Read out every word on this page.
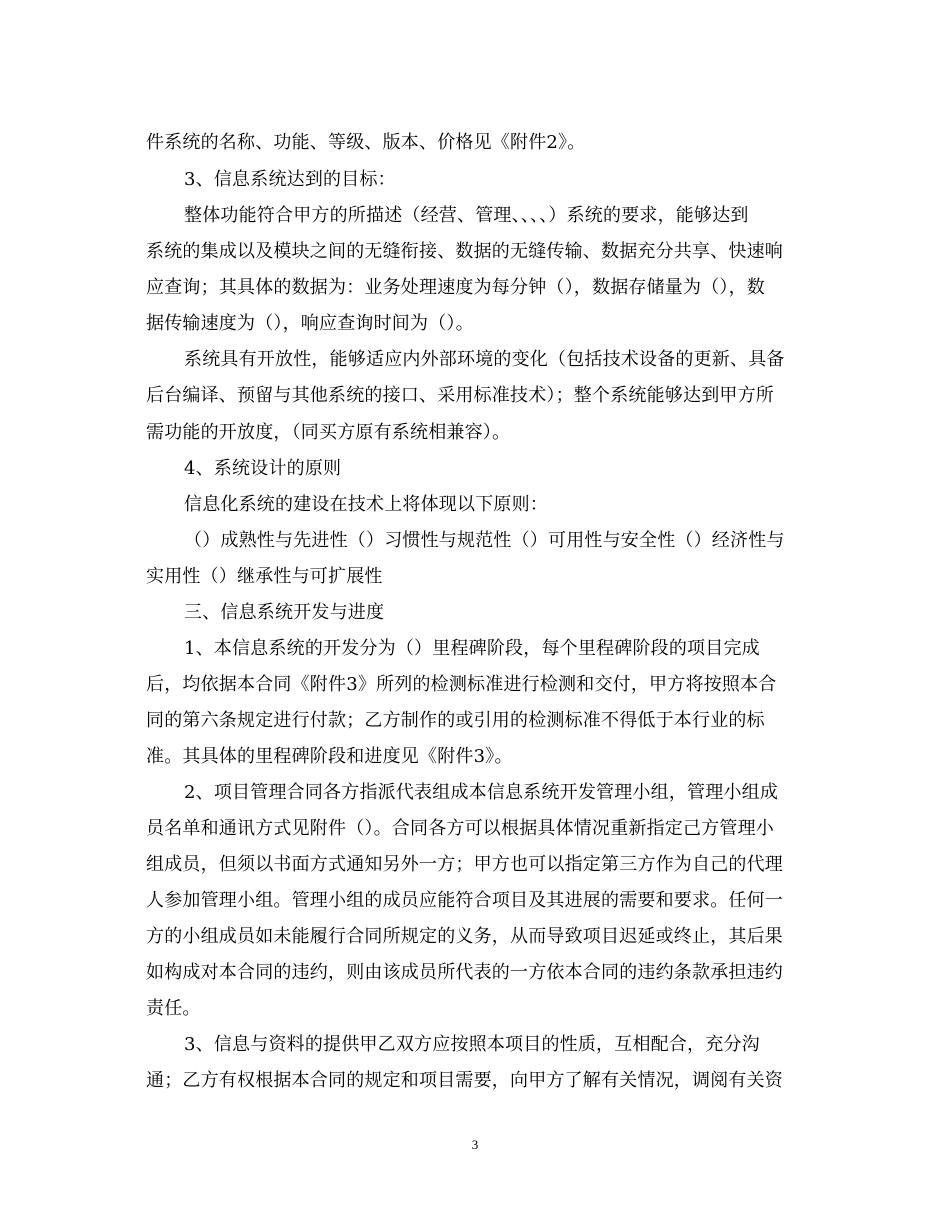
件系统的名称、功能、等级、版本、价格见《附件2》。
3、信息系统达到的目标：
整体功能符合甲方的所描述（经营、管理、、、、）系统的要求，能够达到
系统的集成以及模块之间的无缝衔接、数据的无缝传输、数据充分共享、快速响
应查询；其具体的数据为：业务处理速度为每分钟（），数据存储量为（），数
据传输速度为（），响应查询时间为（）。
系统具有开放性，能够适应内外部环境的变化（包括技术设备的更新、具备
后台编译、预留与其他系统的接口、采用标准技术）；整个系统能够达到甲方所
需功能的开放度，（同买方原有系统相兼容）。
4、系统设计的原则
信息化系统的建设在技术上将体现以下原则：
（）成熟性与先进性（）习惯性与规范性（）可用性与安全性（）经济性与
实用性（）继承性与可扩展性
三、信息系统开发与进度
1、本信息系统的开发分为（）里程碑阶段，每个里程碑阶段的项目完成
后，均依据本合同《附件3》所列的检测标准进行检测和交付，甲方将按照本合
同的第六条规定进行付款；乙方制作的或引用的检测标准不得低于本行业的标
准。其具体的里程碑阶段和进度见《附件3》。
2、项目管理合同各方指派代表组成本信息系统开发管理小组，管理小组成
员名单和通讯方式见附件（）。合同各方可以根据具体情况重新指定己方管理小
组成员，但须以书面方式通知另外一方；甲方也可以指定第三方作为自己的代理
人参加管理小组。管理小组的成员应能符合项目及其进展的需要和要求。任何一
方的小组成员如未能履行合同所规定的义务，从而导致项目迟延或终止，其后果
如构成对本合同的违约，则由该成员所代表的一方依本合同的违约条款承担违约
责任。
3、信息与资料的提供甲乙双方应按照本项目的性质，互相配合，充分沟
通；乙方有权根据本合同的规定和项目需要，向甲方了解有关情况，调阅有关资
3
